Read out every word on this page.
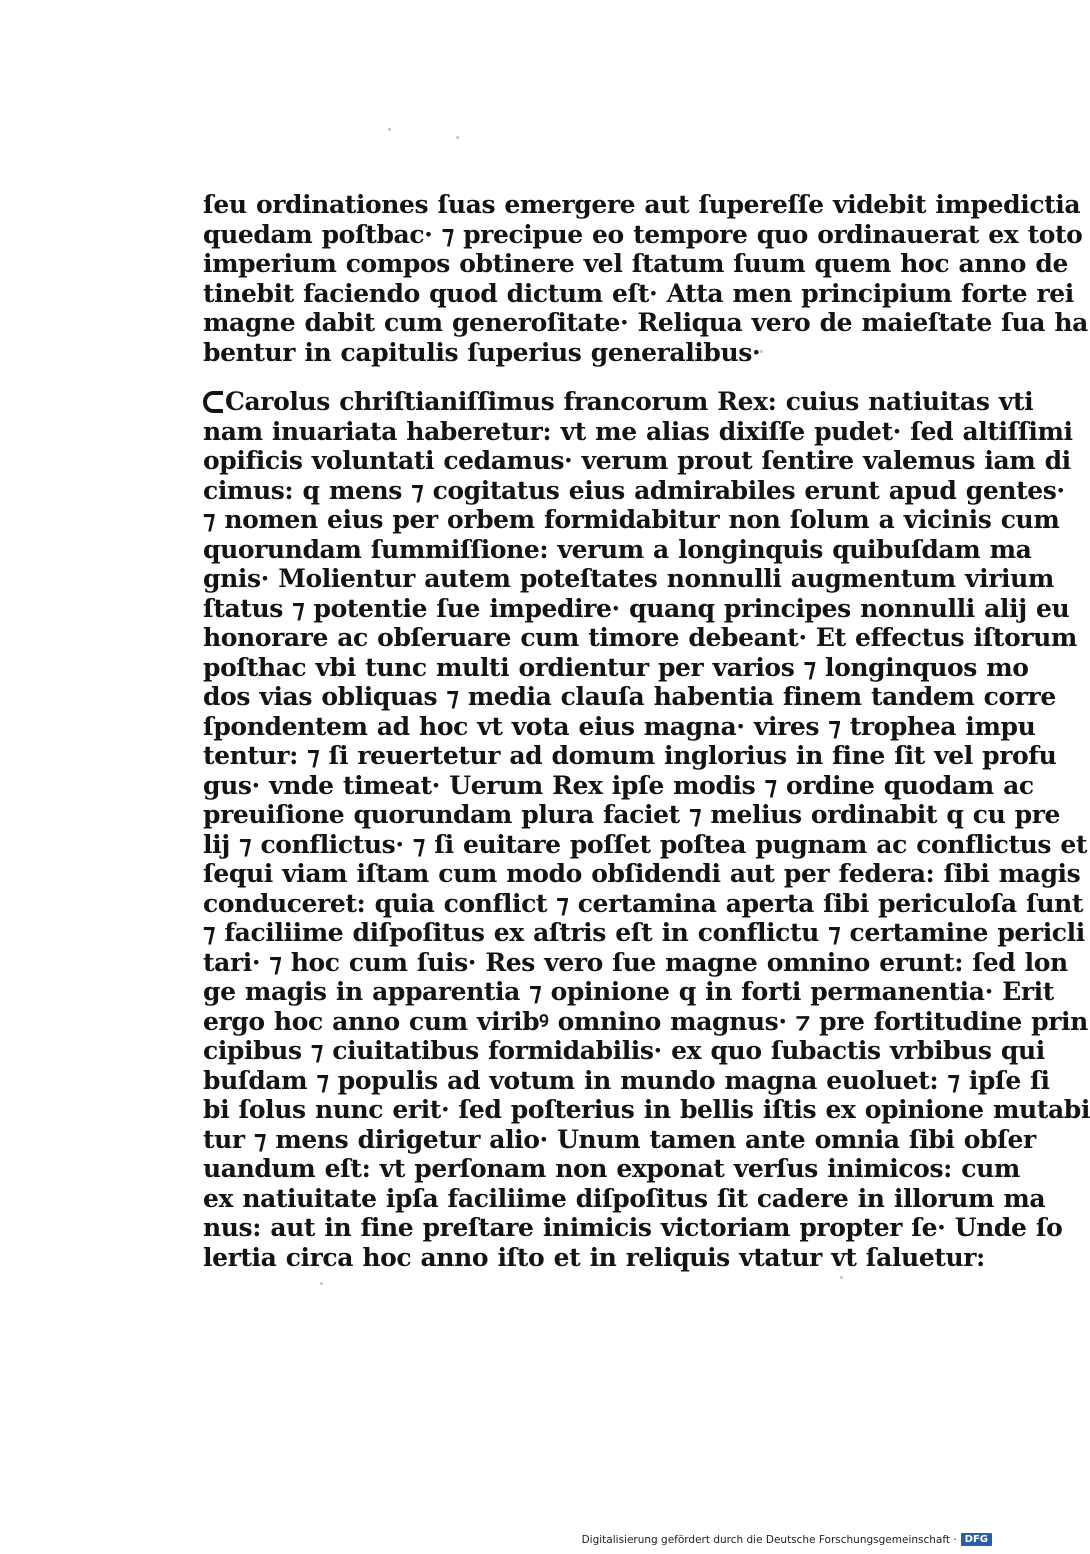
ſeu ordinationes ſuas emergere aut ſupereſſe videbit impedictia
quedam poſtbac· ⁊ precipue eo tempore quo ordinauerat ex toto
imperium compos obtinere vel ſtatum ſuum quem hoc anno de
tinebit faciendo quod dictum eſt· Atta men principium forte rei
magne dabit cum generoſitate· Reliqua vero de maieſtate ſua ha
bentur in capitulis ſuperius generalibus·
Carolus chriſtianiſſimus francorum Rex: cuius natiuitas vti
nam inuariata haberetur: vt me alias dixiſſe pudet· ſed altiſſimi
opificis voluntati cedamus· verum prout ſentire valemus iam di
cimus: q mens ⁊ cogitatus eius admirabiles erunt apud gentes·
⁊ nomen eius per orbem formidabitur non ſolum a vicinis cum
quorundam ſummiſſione: verum a longinquis quibuſdam ma
gnis· Molientur autem poteſtates nonnulli augmentum virium
ſtatus ⁊ potentie ſue impedire· quanq principes nonnulli alij eu
honorare ac obſeruare cum timore debeant· Et effectus iſtorum
poſthac vbi tunc multi ordientur per varios ⁊ longinquos mo
dos vias obliquas ⁊ media clauſa habentia finem tandem corre
ſpondentem ad hoc vt vota eius magna· vires ⁊ trophea impu
tentur: ⁊ ſi reuertetur ad domum inglorius in fine ſit vel profu
gus· vnde timeat· Uerum Rex ipſe modis ⁊ ordine quodam ac
preuiſione quorundam plura faciet ⁊ melius ordinabit q cu pre
lij ⁊ conflictus· ⁊ ſi euitare poſſet poſtea pugnam ac conflictus et
ſequi viam iſtam cum modo obſidendi aut per federa: ſibi magis
conduceret: quia conflict ⁊ certamina aperta ſibi periculoſa ſunt
⁊ faciliime diſpoſitus ex aſtris eſt in conflictu ⁊ certamine pericli
tari· ⁊ hoc cum ſuis· Res vero ſue magne omnino erunt: ſed lon
ge magis in apparentia ⁊ opinione q in forti permanentia· Erit
ergo hoc anno cum viribꝰ omnino magnus· ⁊ pre fortitudine prin
cipibus ⁊ ciuitatibus formidabilis· ex quo ſubactis vrbibus qui
buſdam ⁊ populis ad votum in mundo magna euoluet: ⁊ ipſe ſi
bi ſolus nunc erit· ſed poſterius in bellis iſtis ex opinione mutabi
tur ⁊ mens dirigetur alio· Unum tamen ante omnia ſibi obſer
uandum eſt: vt perſonam non exponat verſus inimicos: cum
ex natiuitate ipſa faciliime diſpoſitus ſit cadere in illorum ma
nus: aut in fine preſtare inimicis victoriam propter ſe· Unde ſo
lertia circa hoc anno iſto et in reliquis vtatur vt ſaluetur:
Digitalisierung gefördert durch die Deutsche Forschungsgemeinschaft · DFG
